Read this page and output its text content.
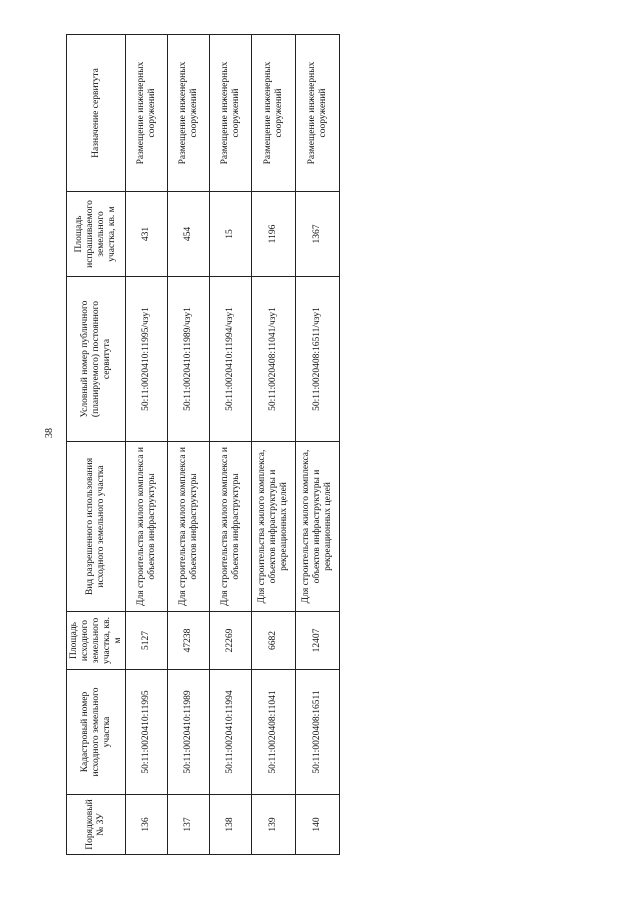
38
Порядковый № ЗУ	Кадастровый номер исходного земельного участка	Площадь исходного земельного участка, кв. м	Вид разрешенного использования исходного земельного участка	Условный номер публичного (планируемого) постоянного сервитута	Площадь испрашиваемого земельного участка, кв. м	Назначение сервитута
136	50:11:0020410:11995	5127	Для строительства жилого комплекса и объектов инфраструктуры	50:11:0020410:11995/чзу1	431	Размещение инженерных сооружений
137	50:11:0020410:11989	47238	Для строительства жилого комплекса и объектов инфраструктуры	50:11:0020410:11989/чзу1	454	Размещение инженерных сооружений
138	50:11:0020410:11994	22269	Для строительства жилого комплекса и объектов инфраструктуры	50:11:0020410:11994/чзу1	15	Размещение инженерных сооружений
139	50:11:0020408:11041	6682	Для строительства жилого комплекса, объектов инфраструктуры и рекреационных целей	50:11:0020408:11041/чзу1	1196	Размещение инженерных сооружений
140	50:11:0020408:16511	12407	Для строительства жилого комплекса, объектов инфраструктуры и рекреационных целей	50:11:0020408:16511/чзу1	1367	Размещение инженерных сооружений
